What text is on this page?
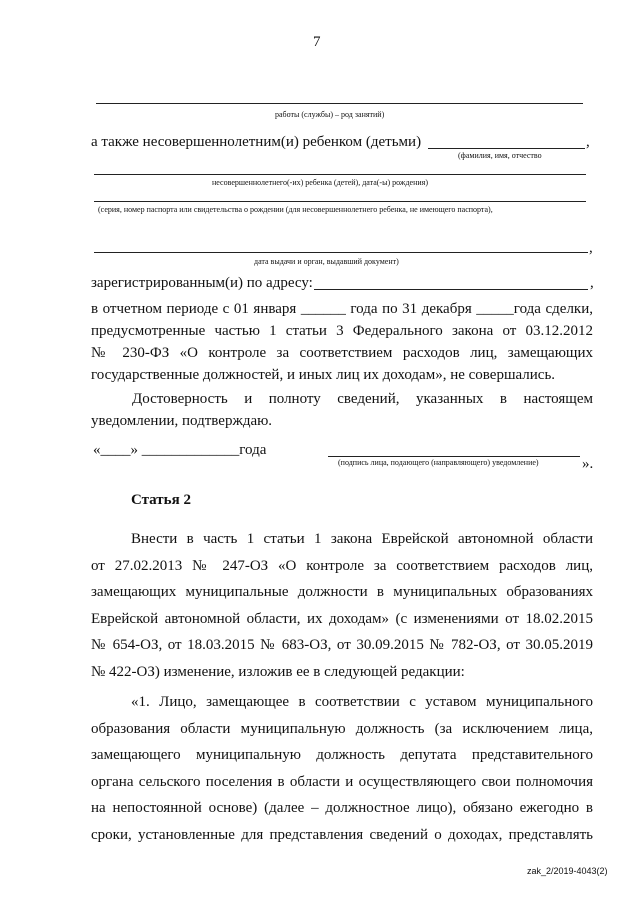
7
работы (службы) – род занятий)
а также несовершеннолетним(и) ребенком (детьми)	,
(фамилия, имя, отчество
несовершеннолетнего(-их) ребенка (детей), дата(-ы) рождения)
(серия, номер паспорта или свидетельства о рождении (для несовершеннолетнего ребенка, не имеющего паспорта),
,
дата выдачи и орган, выдавший документ)
зарегистрированным(и) по адресу:	,
в отчетном периоде с 01 января ______ года по 31 декабря _____года сделки,
предусмотренные частью 1 статьи 3 Федерального закона от 03.12.2012
№ 230-ФЗ «О контроле за соответствием расходов лиц, замещающих
государственные должностей, и иных лиц их доходам», не совершались.
Достоверность и полноту сведений, указанных в настоящем
уведомлении, подтверждаю.
«____» _____________года
(подпись лица, подающего (направляющего) уведомление)	».
Статья 2
Внести в часть 1 статьи 1 закона Еврейской автономной области
от 27.02.2013 № 247-ОЗ «О контроле за соответствием расходов лиц,
замещающих муниципальные должности в муниципальных образованиях
Еврейской автономной области, их доходам» (с изменениями от 18.02.2015
№ 654-ОЗ, от 18.03.2015 № 683-ОЗ, от 30.09.2015 № 782-ОЗ, от 30.05.2019
№ 422-ОЗ) изменение, изложив ее в следующей редакции:
«1. Лицо, замещающее в соответствии с уставом муниципального
образования области муниципальную должность (за исключением лица,
замещающего муниципальную должность депутата представительного
органа сельского поселения в области и осуществляющего свои полномочия
на непостоянной основе) (далее – должностное лицо), обязано ежегодно в
сроки, установленные для представления сведений о доходах, представлять
zak_2/2019-4043(2)
